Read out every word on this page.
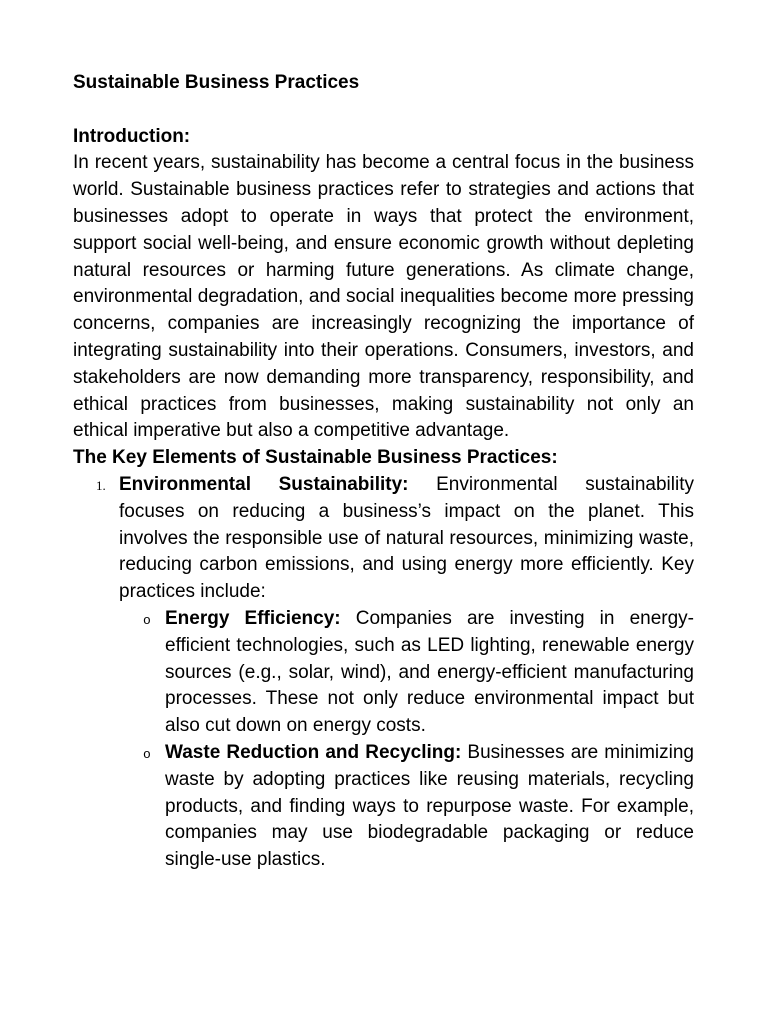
Sustainable Business Practices

Introduction:

In recent years, sustainability has become a central focus in the business world. Sustainable business practices refer to strategies and actions that businesses adopt to operate in ways that protect the environment, support social well-being, and ensure economic growth without depleting natural resources or harming future generations. As climate change, environmental degradation, and social inequalities become more pressing concerns, companies are increasingly recognizing the importance of integrating sustainability into their operations. Consumers, investors, and stakeholders are now demanding more transparency, responsibility, and ethical practices from businesses, making sustainability not only an ethical imperative but also a competitive advantage.

The Key Elements of Sustainable Business Practices:

1. Environmental Sustainability: Environmental sustainability focuses on reducing a business’s impact on the planet. This involves the responsible use of natural resources, minimizing waste, reducing carbon emissions, and using energy more efficiently. Key practices include:
o Energy Efficiency: Companies are investing in energy-efficient technologies, such as LED lighting, renewable energy sources (e.g., solar, wind), and energy-efficient manufacturing processes. These not only reduce environmental impact but also cut down on energy costs.
o Waste Reduction and Recycling: Businesses are minimizing waste by adopting practices like reusing materials, recycling products, and finding ways to repurpose waste. For example, companies may use biodegradable packaging or reduce single-use plastics.
